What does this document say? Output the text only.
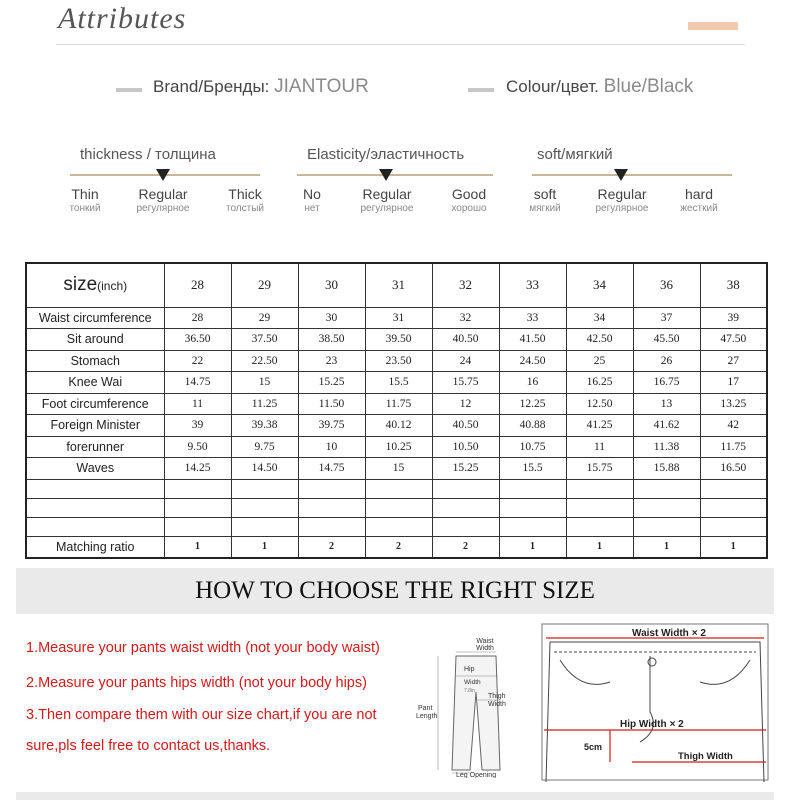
Attributes
Brand/Бренды: JIANTOUR	Colour/цвет. Blue/Black
thickness / толщина
Thin
тонкий
Regular
регулярное
Thick
толстый
Elasticity/эластичность
No
нет
Regular
регулярное
Good
хорошо
soft/мягкий
soft
мягкий
Regular
регулярное
hard
жесткий
size(inch)	28	29	30	31	32	33	34	36	38
Waist circumference	28	29	30	31	32	33	34	37	39
Sit around	36.50	37.50	38.50	39.50	40.50	41.50	42.50	45.50	47.50
Stomach	22	22.50	23	23.50	24	24.50	25	26	27
Knee Wai	14.75	15	15.25	15.5	15.75	16	16.25	16.75	17
Foot circumference	11	11.25	11.50	11.75	12	12.25	12.50	13	13.25
Foreign Minister	39	39.38	39.75	40.12	40.50	40.88	41.25	41.62	42
forerunner	9.50	9.75	10	10.25	10.50	10.75	11	11.38	11.75
Waves	14.25	14.50	14.75	15	15.25	15.5	15.75	15.88	16.50

Matching ratio	1	1	2	2	2	1	1	1	1
HOW TO CHOOSE THE RIGHT SIZE
1.Measure your pants waist width (not your body waist)
2.Measure your pants hips width (not your body hips)
3.Then compare them with our size chart,if you are not
sure,pls feel free to contact us,thanks.
Waist
Width
Hip
Width
7.8in
Thigh
Width
Pant
Length
Leg Opening
Waist Width × 2
Hip Width × 2
5cm
Thigh Width
